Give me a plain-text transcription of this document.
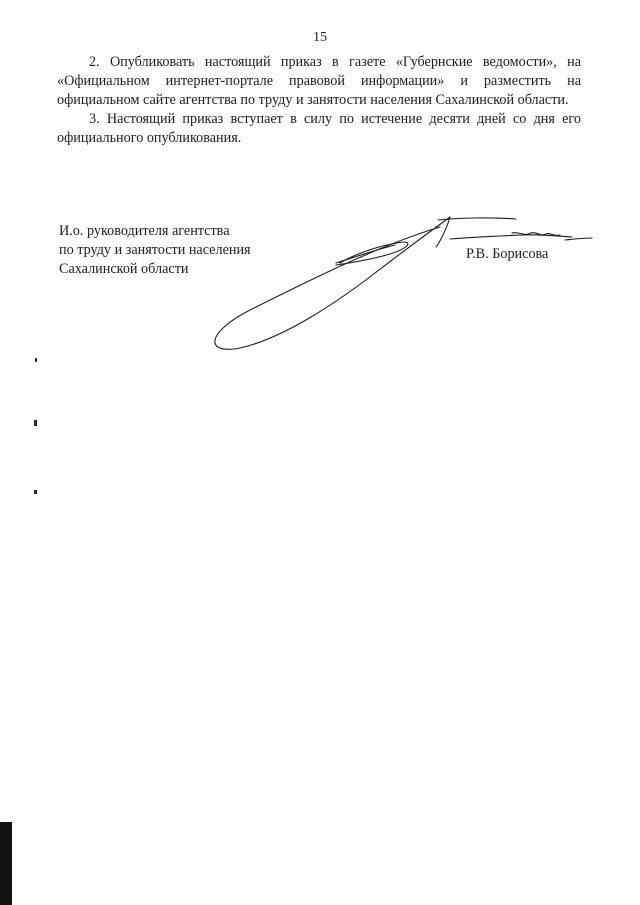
15

2. Опубликовать настоящий приказ в газете «Губернские ведомости», на «Официальном интернет-портале правовой информации» и разместить на официальном сайте агентства по труду и занятости населения Сахалинской области.

3. Настоящий приказ вступает в силу по истечение десяти дней со дня его официального опубликования.

И.о. руководителя агентства
по труду и занятости населения
Сахалинской области
Р.В. Борисова
